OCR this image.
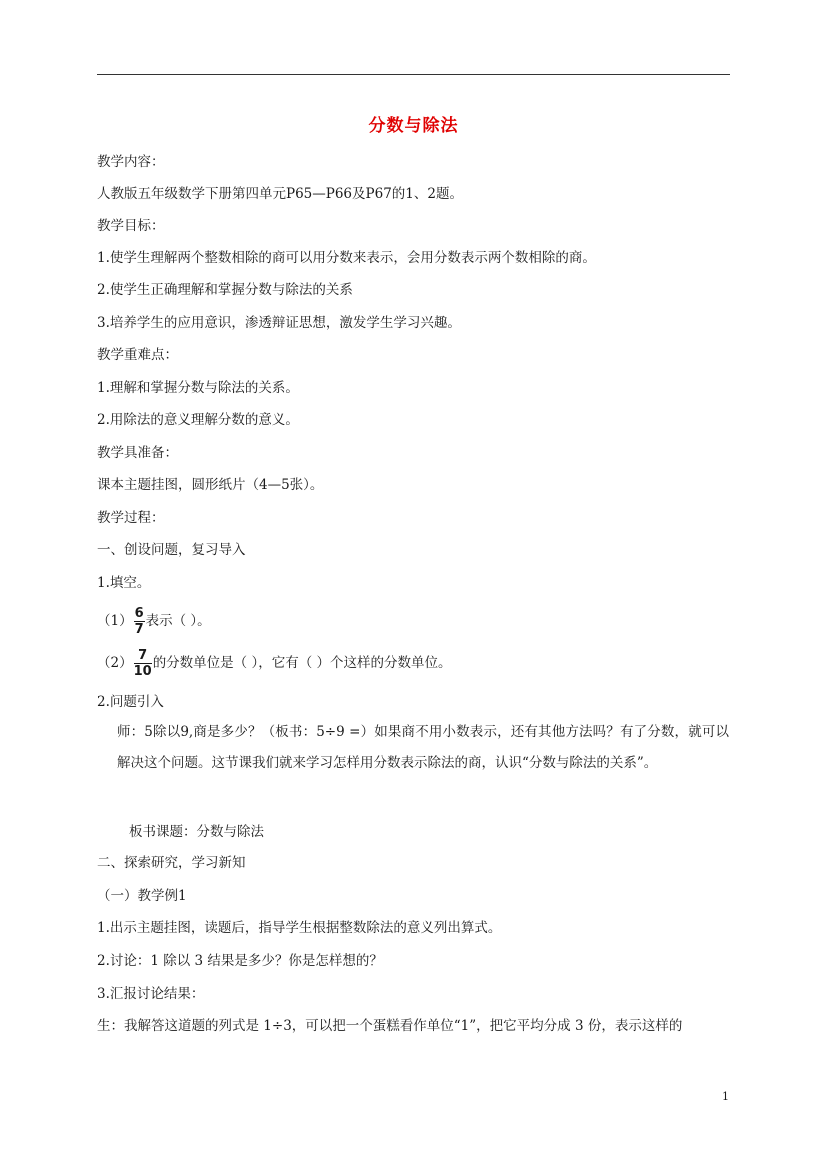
分数与除法
教学内容：
人教版五年级数学下册第四单元P65—P66及P67的1、2题。
教学目标：
1.使学生理解两个整数相除的商可以用分数来表示，会用分数表示两个数相除的商。
2.使学生正确理解和掌握分数与除法的关系
3.培养学生的应用意识，渗透辩证思想，激发学生学习兴趣。
教学重难点：
1.理解和掌握分数与除法的关系。
2.用除法的意义理解分数的意义。
教学具准备：
课本主题挂图，圆形纸片（4—5张）。
教学过程：
一、创设问题，复习导入
1.填空。
$(1) \frac{6}{7}$ 表示（ ）。
$(2) \frac{7}{10}$ 的分数单位是（ ），它有（ ）个这样的分数单位。
2.问题引入
师：5除以9,商是多少？（板书：5÷9 =）如果商不用小数表示，还有其他方法吗？有了分数，就可以解决这个问题。这节课我们就来学习怎样用分数表示除法的商，认识“分数与除法的关系”。
板书课题：分数与除法
二、探索研究，学习新知
（一）教学例1
1.出示主题挂图，读题后，指导学生根据整数除法的意义列出算式。
2.讨论：1 除以 3 结果是多少？你是怎样想的？
3.汇报讨论结果：
生：我解答这道题的列式是 1÷3，可以把一个蛋糕看作单位“1”，把它平均分成 3 份，表示这样的
1
